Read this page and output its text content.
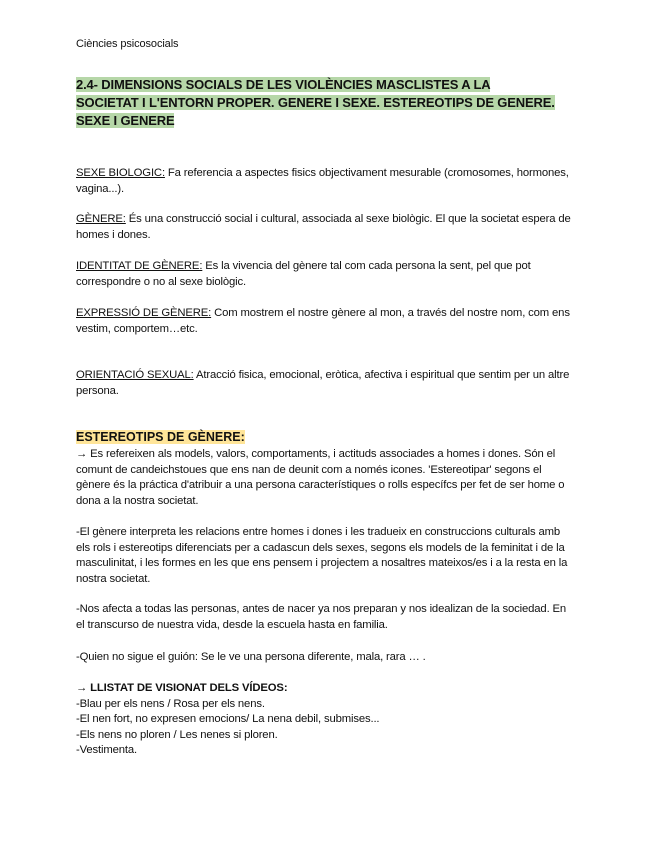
Ciències psicosocials
2.4- DIMENSIONS SOCIALS DE LES VIOLÈNCIES MASCLISTES A LA SOCIETAT I L'ENTORN PROPER. GENERE I SEXE. ESTEREOTIPS DE GENERE. SEXE I GENERE
SEXE BIOLOGIC: Fa referencia a aspectes fisics objectivament mesurable (cromosomes, hormones, vagina...).
GÈNERE: És una construcció social i cultural, associada al sexe biològic. El que la societat espera de homes i dones.
IDENTITAT DE GÈNERE: Es la vivencia del gènere tal com cada persona la sent, pel que pot correspondre o no al sexe biològic.
EXPRESSIÓ DE GÈNERE: Com mostrem el nostre gènere al mon, a través del nostre nom, com ens vestim, comportem…etc.
ORIENTACIÓ SEXUAL: Atracció fisica, emocional, eròtica, afectiva i espiritual que sentim per un altre persona.
ESTEREOTIPS DE GÈNERE:
→ Es refereixen als models, valors, comportaments, i actituds associades a homes i dones. Són el comunt de candeichstoues que ens nan de deunit com a només icones. 'Estereotipar' segons el gènere és la práctica d'atribuir a una persona característiques o rolls específcs per fet de ser home o dona a la nostra societat.
-El gènere interpreta les relacions entre homes i dones i les tradueix en construccions culturals amb els rols i estereotips diferenciats per a cadascun dels sexes, segons els models de la feminitat i de la masculinitat, i les formes en les que ens pensem i projectem a nosaltres mateixos/es i a la resta en la nostra societat.
-Nos afecta a todas las personas, antes de nacer ya nos preparan y nos idealizan de la sociedad. En el transcurso de nuestra vida, desde la escuela hasta en familia.
-Quien no sigue el guión: Se le ve una persona diferente, mala, rara … .
→ LLISTAT DE VISIONAT DELS VÍDEOS:
-Blau per els nens / Rosa per els nens.
-El nen fort, no expresen emocions/ La nena debil, submises...
-Els nens no ploren / Les nenes si ploren.
-Vestimenta.
